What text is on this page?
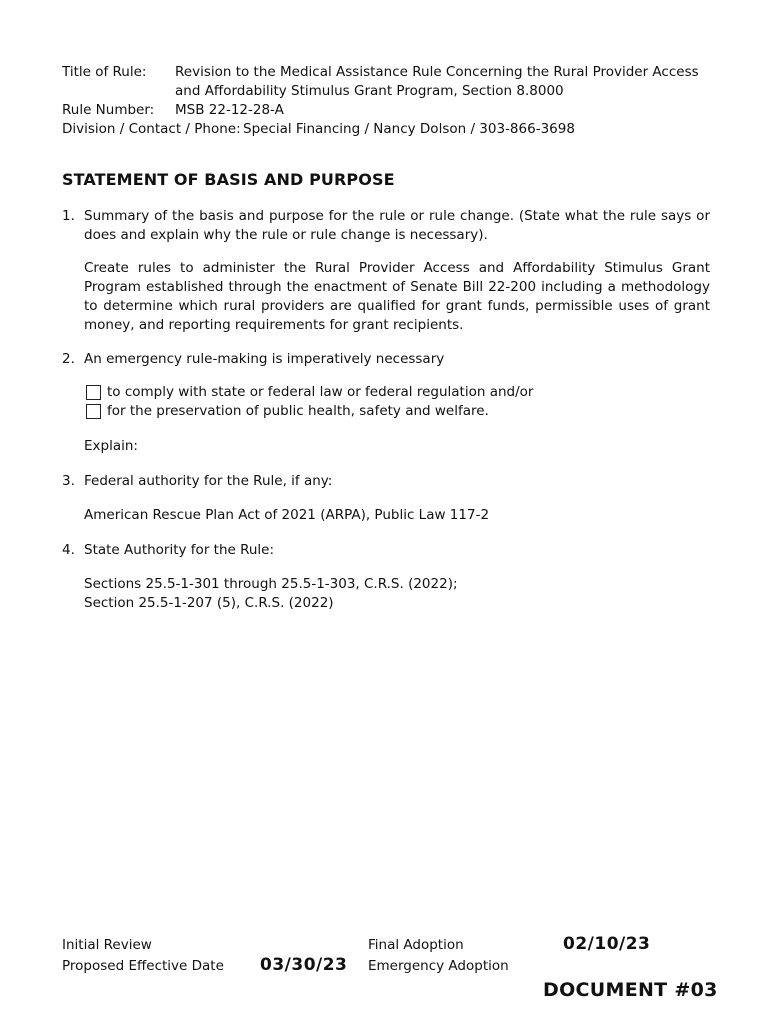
Title of Rule: Revision to the Medical Assistance Rule Concerning the Rural Provider Access
and Affordability Stimulus Grant Program, Section 8.8000
Rule Number: MSB 22-12-28-A
Division / Contact / Phone: Special Financing / Nancy Dolson / 303-866-3698
STATEMENT OF BASIS AND PURPOSE
1. Summary of the basis and purpose for the rule or rule change. (State what the rule says or does and explain why the rule or rule change is necessary).
Create rules to administer the Rural Provider Access and Affordability Stimulus Grant Program established through the enactment of Senate Bill 22-200 including a methodology to determine which rural providers are qualified for grant funds, permissible uses of grant money, and reporting requirements for grant recipients.
2. An emergency rule-making is imperatively necessary
to comply with state or federal law or federal regulation and/or
for the preservation of public health, safety and welfare.
Explain:
3. Federal authority for the Rule, if any:
American Rescue Plan Act of 2021 (ARPA), Public Law 117-2
4. State Authority for the Rule:
Sections 25.5-1-301 through 25.5-1-303, C.R.S. (2022);
Section 25.5-1-207 (5), C.R.S. (2022)
Initial Review
Proposed Effective Date 03/30/23
Final Adoption	02/10/23
Emergency Adoption
DOCUMENT #03
